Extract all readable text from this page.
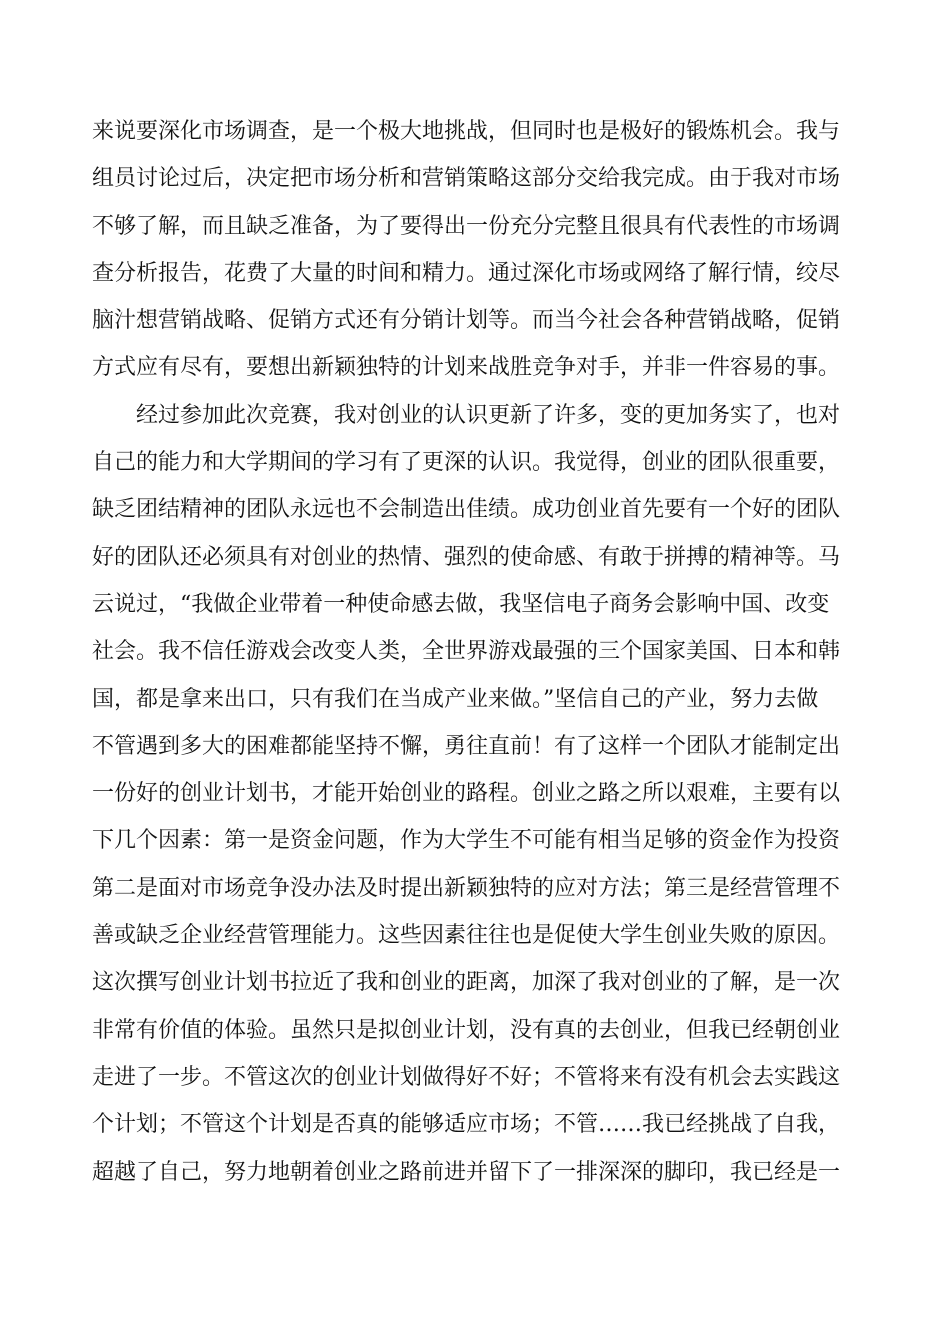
来说要深化市场调查，是一个极大地挑战，但同时也是极好的锻炼机会。我与
组员讨论过后，决定把市场分析和营销策略这部分交给我完成。由于我对市场
不够了解，而且缺乏准备，为了要得出一份充分完整且很具有代表性的市场调
查分析报告，花费了大量的时间和精力。通过深化市场或网络了解行情，绞尽
脑汁想营销战略、促销方式还有分销计划等。而当今社会各种营销战略，促销
方式应有尽有，要想出新颖独特的计划来战胜竞争对手，并非一件容易的事。
经过参加此次竞赛，我对创业的认识更新了许多，变的更加务实了，也对
自己的能力和大学期间的学习有了更深的认识。我觉得，创业的团队很重要，
缺乏团结精神的团队永远也不会制造出佳绩。成功创业首先要有一个好的团队
好的团队还必须具有对创业的热情、强烈的使命感、有敢于拼搏的精神等。马
云说过，“我做企业带着一种使命感去做，我坚信电子商务会影响中国、改变
社会。我不信任游戏会改变人类，全世界游戏最强的三个国家美国、日本和韩
国，都是拿来出口，只有我们在当成产业来做。”坚信自己的产业，努力去做
不管遇到多大的困难都能坚持不懈，勇往直前！有了这样一个团队才能制定出
一份好的创业计划书，才能开始创业的路程。创业之路之所以艰难，主要有以
下几个因素：第一是资金问题，作为大学生不可能有相当足够的资金作为投资
第二是面对市场竞争没办法及时提出新颖独特的应对方法；第三是经营管理不
善或缺乏企业经营管理能力。这些因素往往也是促使大学生创业失败的原因。
这次撰写创业计划书拉近了我和创业的距离，加深了我对创业的了解，是一次
非常有价值的体验。虽然只是拟创业计划，没有真的去创业，但我已经朝创业
走进了一步。不管这次的创业计划做得好不好；不管将来有没有机会去实践这
个计划；不管这个计划是否真的能够适应市场；不管……我已经挑战了自我，
超越了自己，努力地朝着创业之路前进并留下了一排深深的脚印，我已经是一
